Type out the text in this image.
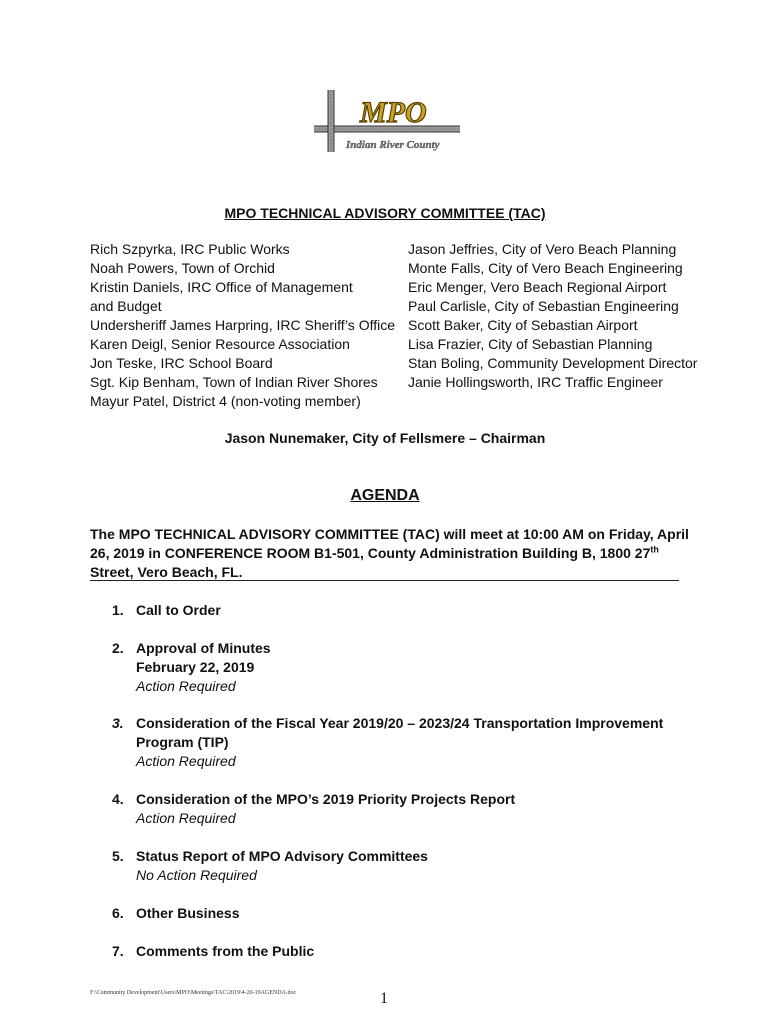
MPO
Indian River County
MPO TECHNICAL ADVISORY COMMITTEE (TAC)
Rich Szpyrka, IRC Public Works
Noah Powers, Town of Orchid
Kristin Daniels, IRC Office of Management
and Budget
Undersheriff James Harpring, IRC Sheriff’s Office
Karen Deigl, Senior Resource Association
Jon Teske, IRC School Board
Sgt. Kip Benham, Town of Indian River Shores
Mayur Patel, District 4 (non-voting member)
Jason Jeffries, City of Vero Beach Planning
Monte Falls, City of Vero Beach Engineering
Eric Menger, Vero Beach Regional Airport
Paul Carlisle, City of Sebastian Engineering
Scott Baker, City of Sebastian Airport
Lisa Frazier, City of Sebastian Planning
Stan Boling, Community Development Director
Janie Hollingsworth, IRC Traffic Engineer
Jason Nunemaker, City of Fellsmere – Chairman
AGENDA
The MPO TECHNICAL ADVISORY COMMITTEE (TAC) will meet at 10:00 AM on Friday, April 26, 2019 in CONFERENCE ROOM B1-501, County Administration Building B, 1800 27th Street, Vero Beach, FL.
1. Call to Order
2. Approval of Minutes
February 22, 2019
Action Required
3. Consideration of the Fiscal Year 2019/20 – 2023/24 Transportation Improvement
Program (TIP)
Action Required
4. Consideration of the MPO’s 2019 Priority Projects Report
Action Required
5. Status Report of MPO Advisory Committees
No Action Required
6. Other Business
7. Comments from the Public
F:\Community Development\Users\MPO\Meetings\TAC\2019\4-26-19AGENDA.doc	1
